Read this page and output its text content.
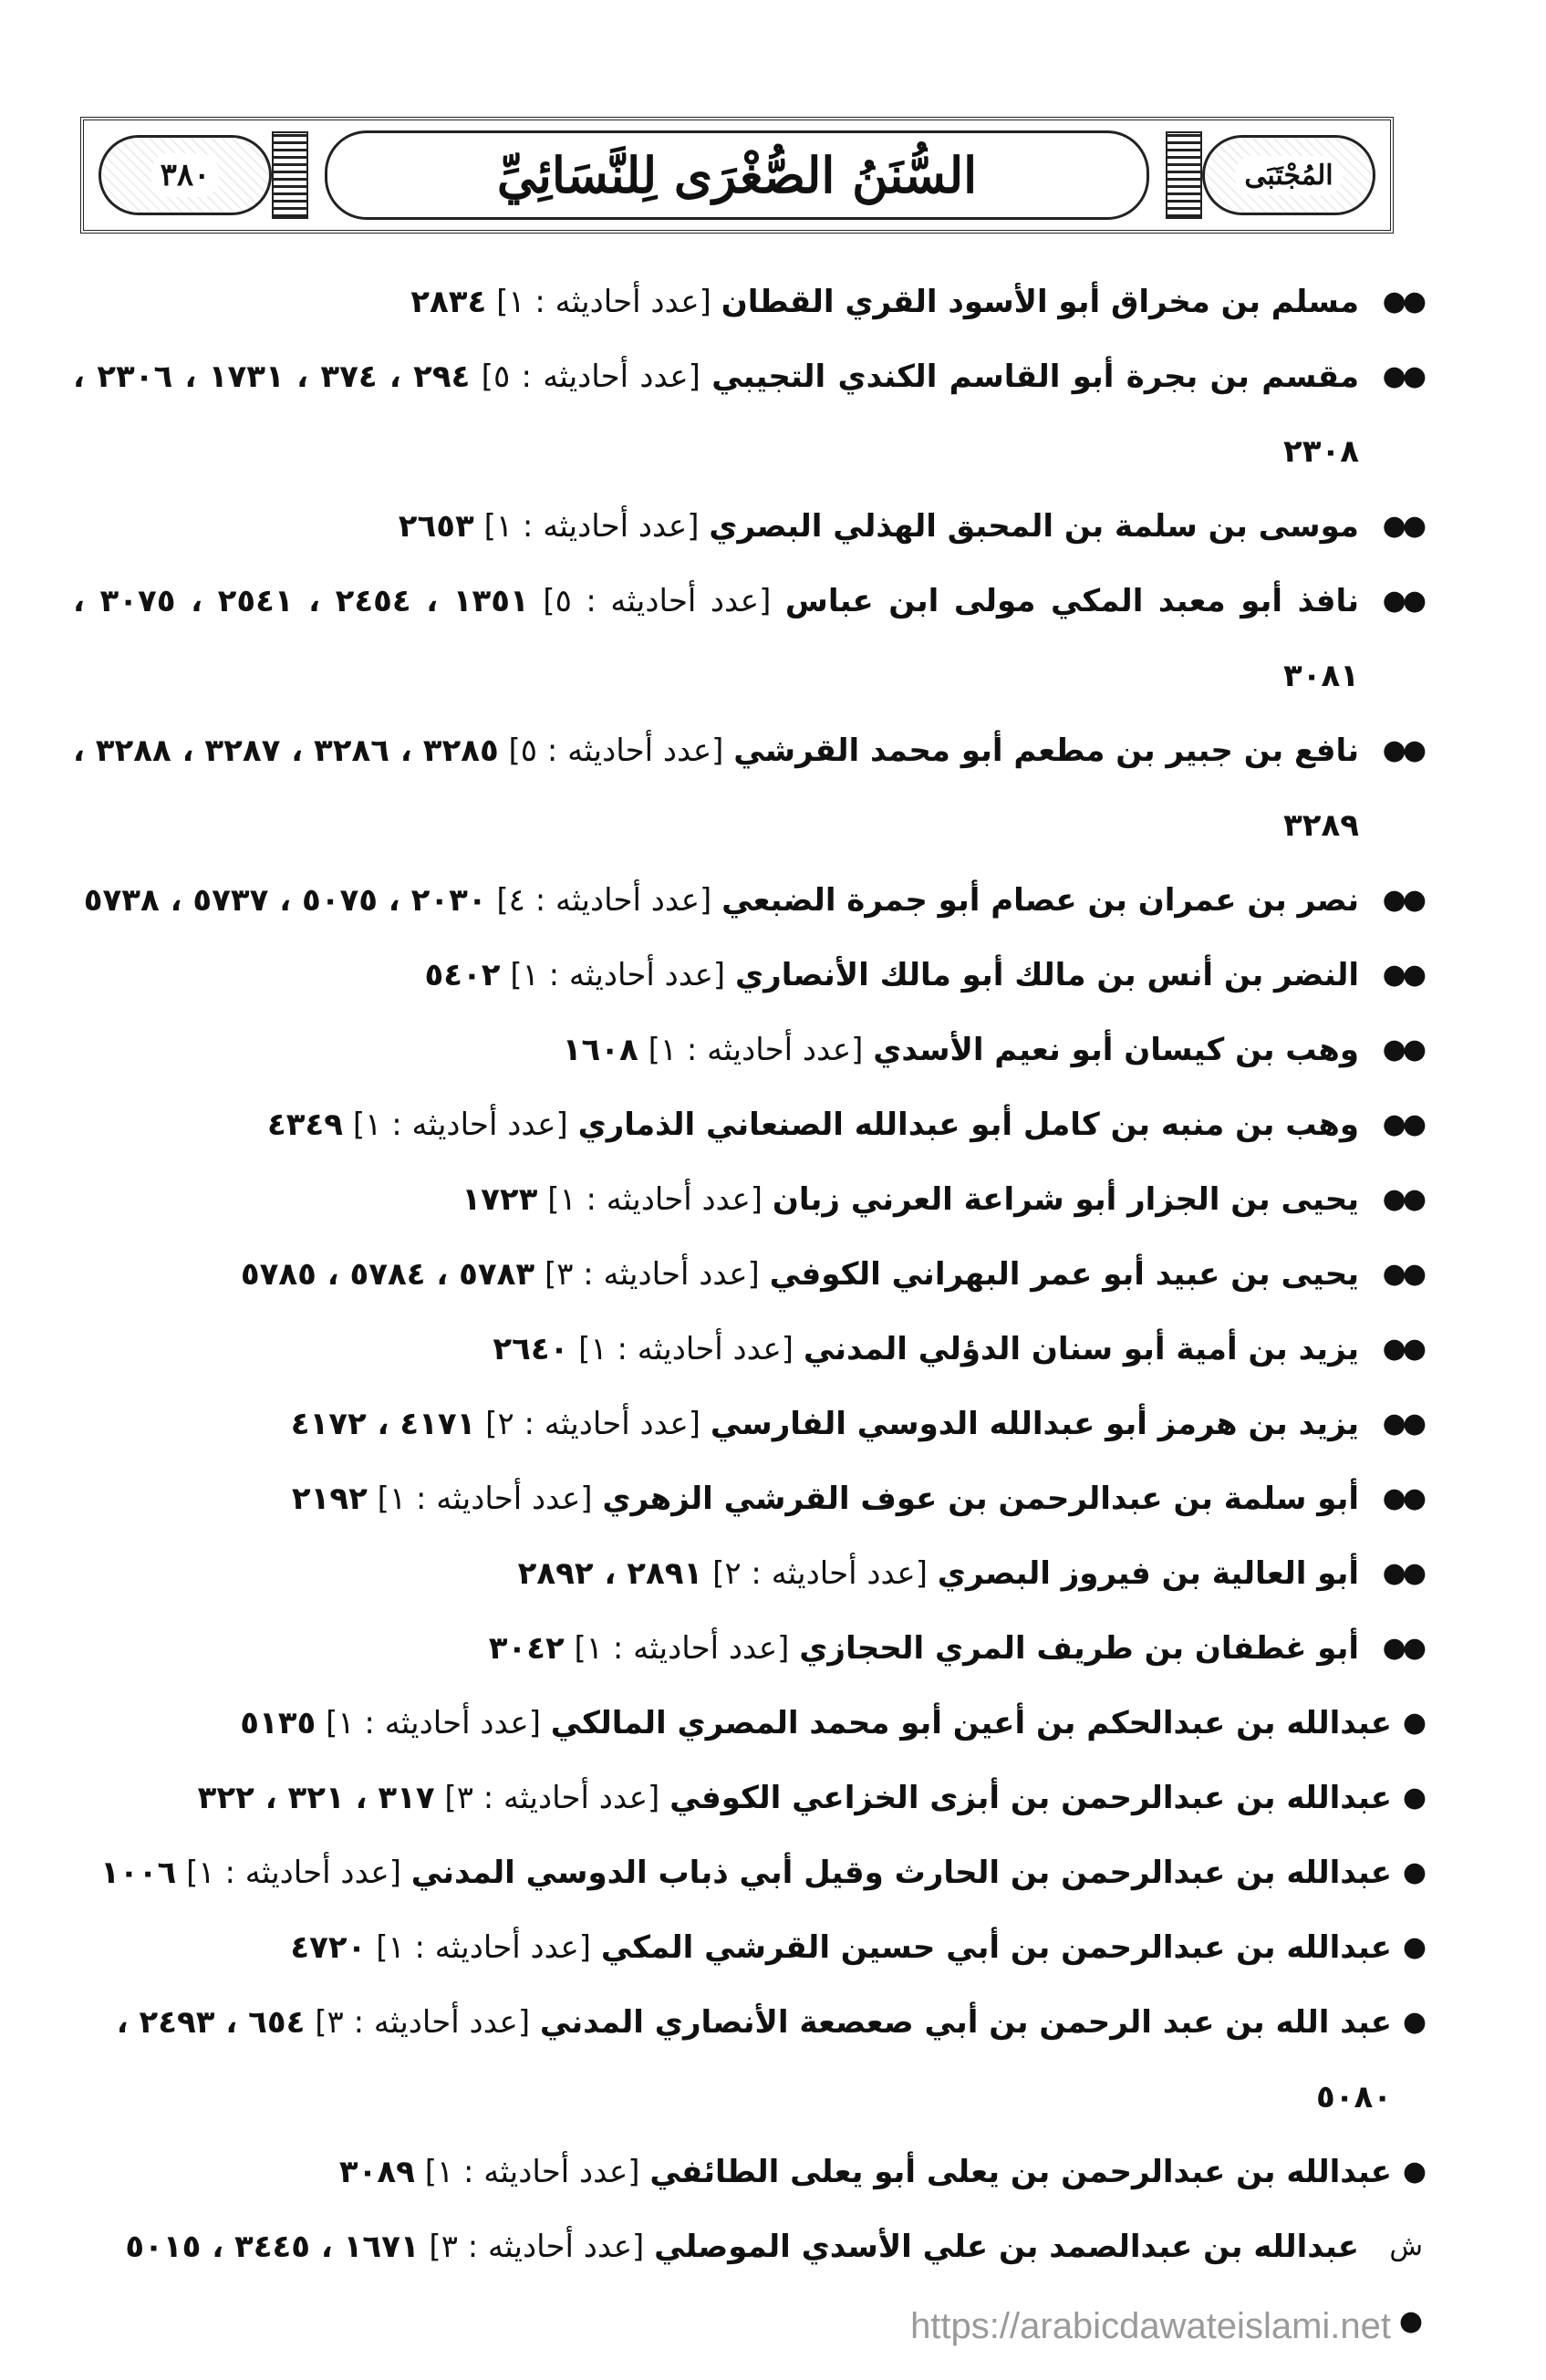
٣٨٠	السُّنَنُ الصُّغْرَى لِلنَّسَائِيِّ	المُجْتَبَى
●●
مسلم بن مخراق أبو الأسود القري القطان [عدد أحاديثه : ١] ٢٨٣٤
●●
مقسم بن بجرة أبو القاسم الكندي التجيبي [عدد أحاديثه : ٥] ٢٩٤ ، ٣٧٤ ، ١٧٣١ ، ٢٣٠٦ ، ٢٣٠٨
●●
موسى بن سلمة بن المحبق الهذلي البصري [عدد أحاديثه : ١] ٢٦٥٣
●●
نافذ أبو معبد المكي مولى ابن عباس [عدد أحاديثه : ٥] ١٣٥١ ، ٢٤٥٤ ، ٢٥٤١ ، ٣٠٧٥ ، ٣٠٨١
●●
نافع بن جبير بن مطعم أبو محمد القرشي [عدد أحاديثه : ٥] ٣٢٨٥ ، ٣٢٨٦ ، ٣٢٨٧ ، ٣٢٨٨ ، ٣٢٨٩
●●
نصر بن عمران بن عصام أبو جمرة الضبعي [عدد أحاديثه : ٤] ٢٠٣٠ ، ٥٠٧٥ ، ٥٧٣٧ ، ٥٧٣٨
●●
النضر بن أنس بن مالك أبو مالك الأنصاري [عدد أحاديثه : ١] ٥٤٠٢
●●
وهب بن كيسان أبو نعيم الأسدي [عدد أحاديثه : ١] ١٦٠٨
●●
وهب بن منبه بن كامل أبو عبدالله الصنعاني الذماري [عدد أحاديثه : ١] ٤٣٤٩
●●
يحيى بن الجزار أبو شراعة العرني زبان [عدد أحاديثه : ١] ١٧٢٣
●●
يحيى بن عبيد أبو عمر البهراني الكوفي [عدد أحاديثه : ٣] ٥٧٨٣ ، ٥٧٨٤ ، ٥٧٨٥
●●
يزيد بن أمية أبو سنان الدؤلي المدني [عدد أحاديثه : ١] ٢٦٤٠
●●
يزيد بن هرمز أبو عبدالله الدوسي الفارسي [عدد أحاديثه : ٢] ٤١٧١ ، ٤١٧٢
●●
أبو سلمة بن عبدالرحمن بن عوف القرشي الزهري [عدد أحاديثه : ١] ٢١٩٢
●●
أبو العالية بن فيروز البصري [عدد أحاديثه : ٢] ٢٨٩١ ، ٢٨٩٢
●●
أبو غطفان بن طريف المري الحجازي [عدد أحاديثه : ١] ٣٠٤٢
●
عبدالله بن عبدالحكم بن أعين أبو محمد المصري المالكي [عدد أحاديثه : ١] ٥١٣٥
●
عبدالله بن عبدالرحمن بن أبزى الخزاعي الكوفي [عدد أحاديثه : ٣] ٣١٧ ، ٣٢١ ، ٣٢٢
●
عبدالله بن عبدالرحمن بن الحارث وقيل أبي ذباب الدوسي المدني [عدد أحاديثه : ١] ١٠٠٦
●
عبدالله بن عبدالرحمن بن أبي حسين القرشي المكي [عدد أحاديثه : ١] ٤٧٢٠
●
عبد الله بن عبد الرحمن بن أبي صعصعة الأنصاري المدني [عدد أحاديثه : ٣] ٦٥٤ ، ٢٤٩٣ ، ٥٠٨٠
●
عبدالله بن عبدالرحمن بن يعلى أبو يعلى الطائفي [عدد أحاديثه : ١] ٣٠٨٩
ش ●
عبدالله بن عبدالصمد بن علي الأسدي الموصلي [عدد أحاديثه : ٣] ١٦٧١ ، ٣٤٤٥ ، ٥٠١٥
https://arabicdawateislami.net
